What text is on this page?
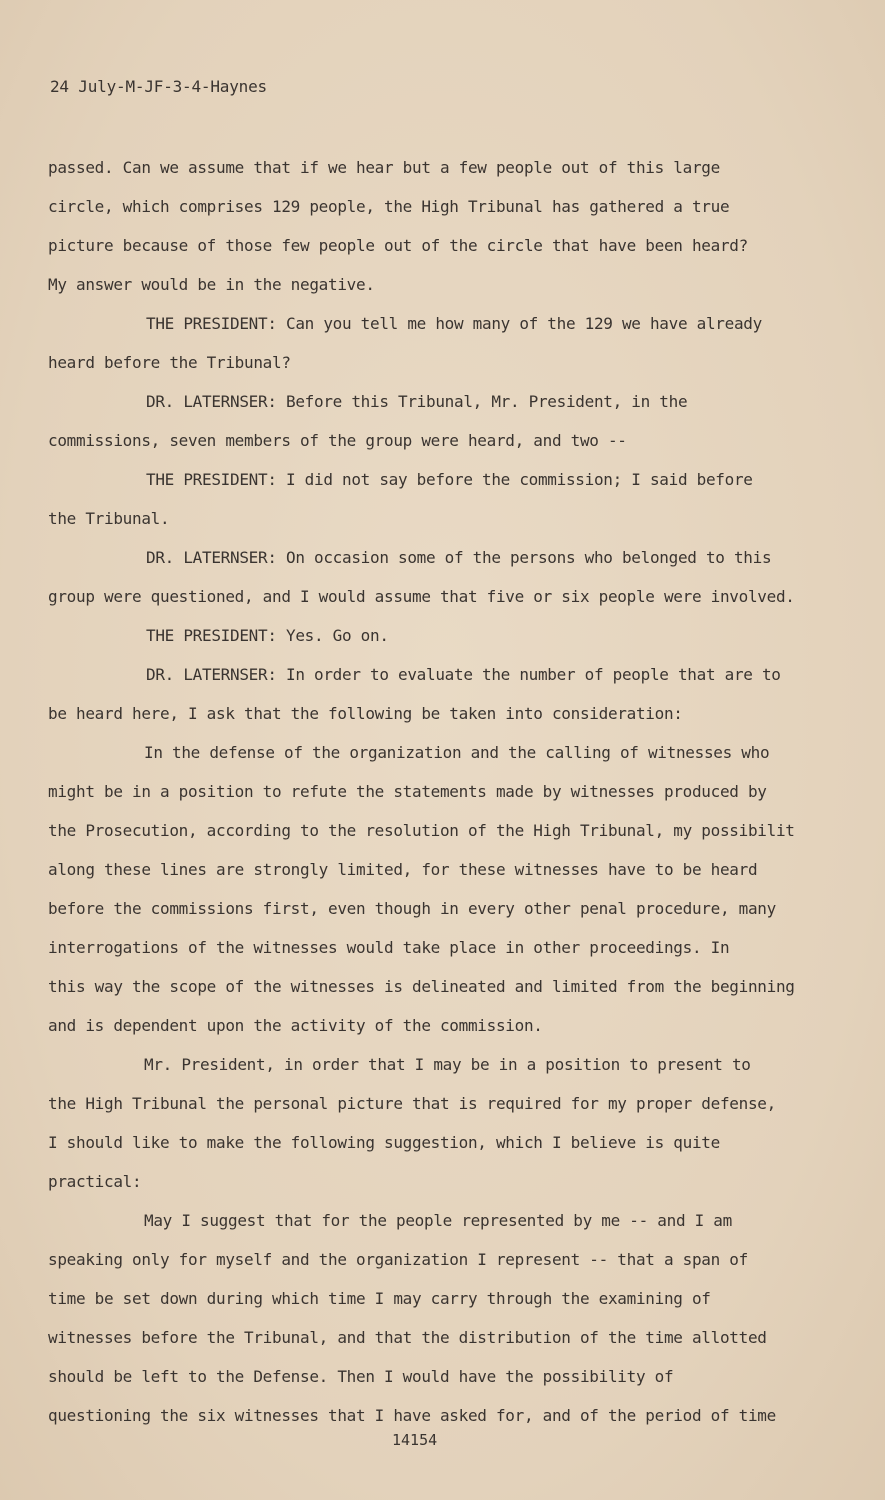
24 July-M-JF-3-4-Haynes
passed. Can we assume that if we hear but a few people out of this large
circle, which comprises 129 people, the High Tribunal has gathered a true
picture because of those few people out of the circle that have been heard?
My answer would be in the negative.
THE PRESIDENT: Can you tell me how many of the 129 we have already
heard before the Tribunal?
DR. LATERNSER: Before this Tribunal, Mr. President, in the
commissions, seven members of the group were heard, and two --
THE PRESIDENT: I did not say before the commission; I said before
the Tribunal.
DR. LATERNSER: On occasion some of the persons who belonged to this
group were questioned, and I would assume that five or six people were involved.
THE PRESIDENT: Yes. Go on.
DR. LATERNSER: In order to evaluate the number of people that are to
be heard here, I ask that the following be taken into consideration:
In the defense of the organization and the calling of witnesses who
might be in a position to refute the statements made by witnesses produced by
the Prosecution, according to the resolution of the High Tribunal, my possibilit
along these lines are strongly limited, for these witnesses have to be heard
before the commissions first, even though in every other penal procedure, many
interrogations of the witnesses would take place in other proceedings. In
this way the scope of the witnesses is delineated and limited from the beginning
and is dependent upon the activity of the commission.
Mr. President, in order that I may be in a position to present to
the High Tribunal the personal picture that is required for my proper defense,
I should like to make the following suggestion, which I believe is quite
practical:
May I suggest that for the people represented by me -- and I am
speaking only for myself and the organization I represent -- that a span of
time be set down during which time I may carry through the examining of
witnesses before the Tribunal, and that the distribution of the time allotted
should be left to the Defense. Then I would have the possibility of
questioning the six witnesses that I have asked for, and of the period of time
14154
